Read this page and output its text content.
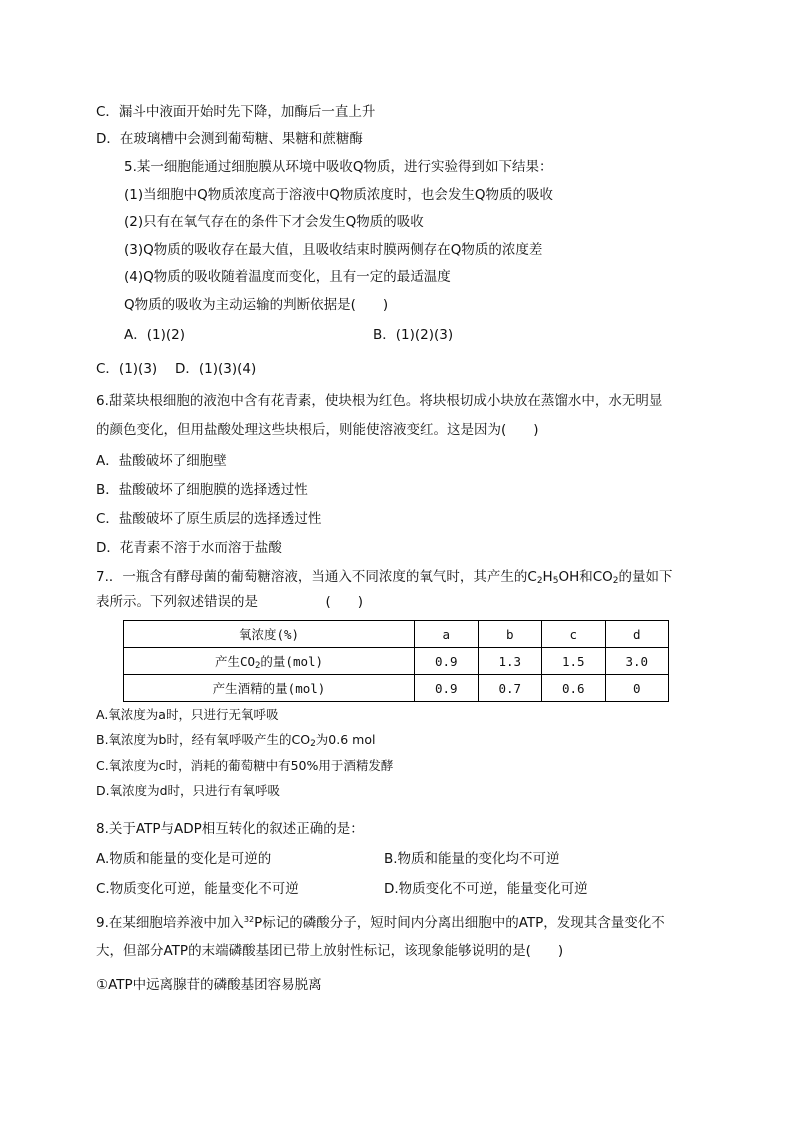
C．漏斗中液面开始时先下降，加酶后一直上升
D．在玻璃槽中会测到葡萄糖、果糖和蔗糖酶
5.某一细胞能通过细胞膜从环境中吸收Q物质，进行实验得到如下结果：
(1)当细胞中Q物质浓度高于溶液中Q物质浓度时，也会发生Q物质的吸收
(2)只有在氧气存在的条件下才会发生Q物质的吸收
(3)Q物质的吸收存在最大值，且吸收结束时膜两侧存在Q物质的浓度差
(4)Q物质的吸收随着温度而变化，且有一定的最适温度
Q物质的吸收为主动运输的判断依据是(　　)
A．(1)(2)	B．(1)(2)(3)
C．(1)(3)　 D．(1)(3)(4)
6.甜菜块根细胞的液泡中含有花青素，使块根为红色。将块根切成小块放在蒸馏水中，水无明显
的颜色变化，但用盐酸处理这些块根后，则能使溶液变红。这是因为(　　)
A．盐酸破坏了细胞壁
B．盐酸破坏了细胞膜的选择透过性
C．盐酸破坏了原生质层的选择透过性
D．花青素不溶于水而溶于盐酸
7.．一瓶含有酵母菌的葡萄糖溶液，当通入不同浓度的氧气时，其产生的$C_2H_5OH$和$CO_2$的量如下
表所示。下列叙述错误的是　　　　　(　　)
氧浓度(%)	a	b	c	d
产生$CO_2$的量(mol)	0.9	1.3	1.5	3.0
产生酒精的量(mol)	0.9	0.7	0.6	0
A.氧浓度为a时，只进行无氧呼吸
B.氧浓度为b时，经有氧呼吸产生的$CO_2$为0.6 mol
C.氧浓度为c时，消耗的葡萄糖中有50%用于酒精发酵
D.氧浓度为d时，只进行有氧呼吸
8.关于ATP与ADP相互转化的叙述正确的是：
A.物质和能量的变化是可逆的	B.物质和能量的变化均不可逆
C.物质变化可逆，能量变化不可逆	D.物质变化不可逆，能量变化可逆
9.在某细胞培养液中加入$^{32}$P标记的磷酸分子，短时间内分离出细胞中的ATP，发现其含量变化不
大，但部分ATP的末端磷酸基团已带上放射性标记，该现象能够说明的是(　　)
①ATP中远离腺苷的磷酸基团容易脱离
